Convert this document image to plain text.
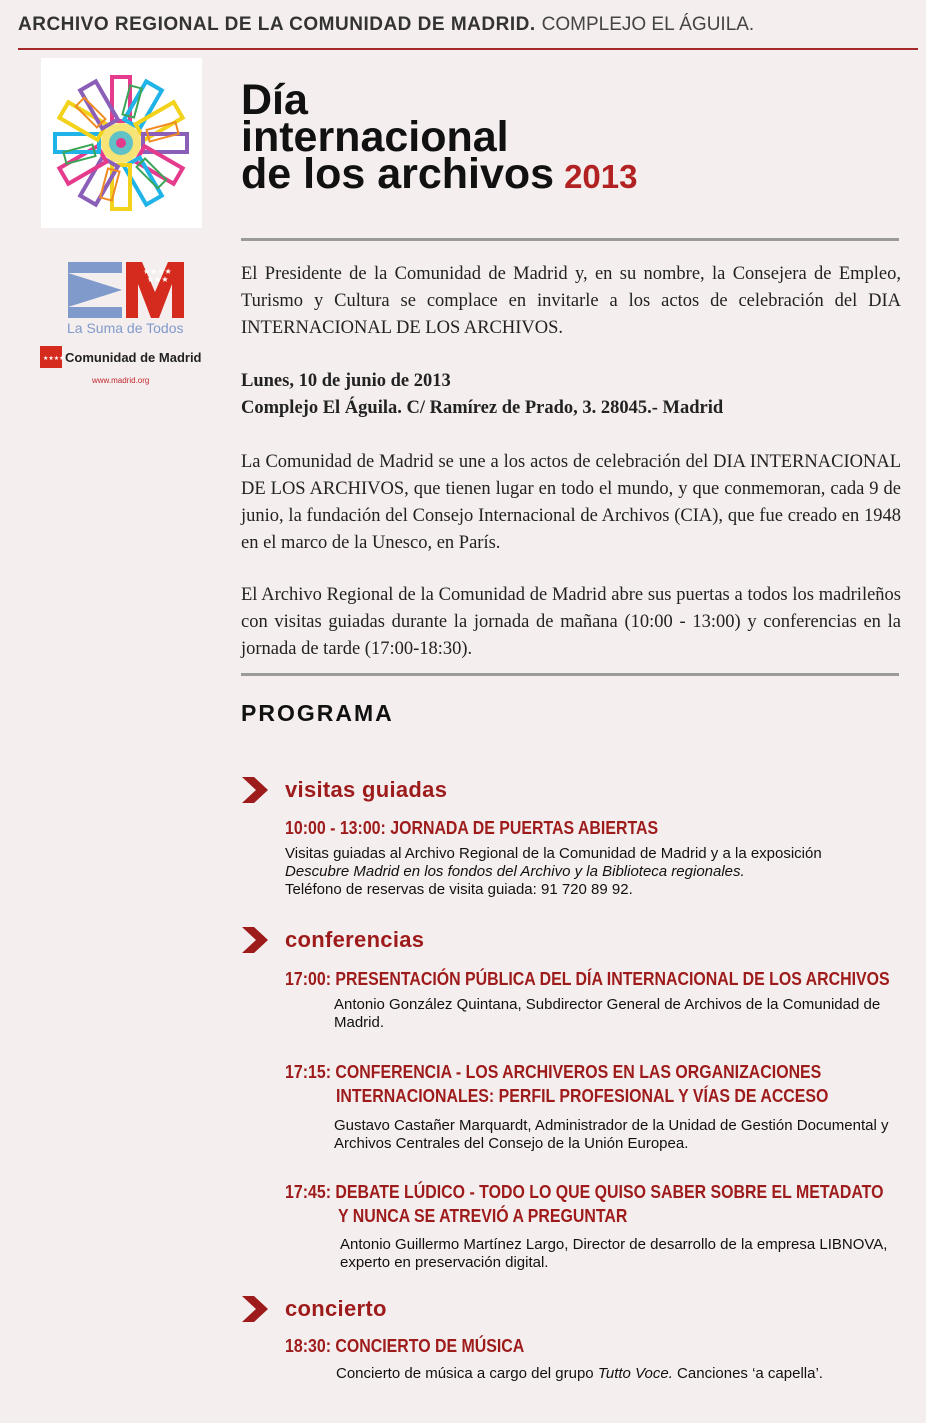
ARCHIVO REGIONAL DE LA COMUNIDAD DE MADRID. COMPLEJO EL ÁGUILA.
★★★★
★★★
La Suma de Todos
★★★★ Comunidad de Madrid
www.madrid.org
Día
internacional
de los archivos 2013
El Presidente de la Comunidad de Madrid y, en su nombre, la Consejera de Empleo, Turismo y Cultura se complace en invitarle a los actos de celebración del DIA INTERNACIONAL DE LOS ARCHIVOS.
Lunes, 10 de junio de 2013
Complejo El Águila. C/ Ramírez de Prado, 3. 28045.- Madrid
La Comunidad de Madrid se une a los actos de celebración del DIA INTERNACIONAL DE LOS ARCHIVOS, que tienen lugar en todo el mundo, y que conmemoran, cada 9 de junio, la fundación del Consejo Internacional de Archivos (CIA), que fue creado en 1948 en el marco de la Unesco, en París.
El Archivo Regional de la Comunidad de Madrid abre sus puertas a todos los madrileños con visitas guiadas durante la jornada de mañana (10:00 - 13:00) y conferencias en la jornada de tarde (17:00-18:30).
PROGRAMA
visitas guiadas
10:00 - 13:00: JORNADA DE PUERTAS ABIERTAS
Visitas guiadas al Archivo Regional de la Comunidad de Madrid y a la exposición
Descubre Madrid en los fondos del Archivo y la Biblioteca regionales.
Teléfono de reservas de visita guiada: 91 720 89 92.
conferencias
17:00: PRESENTACIÓN PÚBLICA DEL DÍA INTERNACIONAL DE LOS ARCHIVOS
Antonio González Quintana, Subdirector General de Archivos de la Comunidad de Madrid.
17:15: CONFERENCIA - LOS ARCHIVEROS EN LAS ORGANIZACIONES
INTERNACIONALES: PERFIL PROFESIONAL Y VÍAS DE ACCESO
Gustavo Castañer Marquardt, Administrador de la Unidad de Gestión Documental y Archivos Centrales del Consejo de la Unión Europea.
17:45: DEBATE LÚDICO - TODO LO QUE QUISO SABER SOBRE EL METADATO
Y NUNCA SE ATREVIÓ A PREGUNTAR
Antonio Guillermo Martínez Largo, Director de desarrollo de la empresa LIBNOVA, experto en preservación digital.
concierto
18:30: CONCIERTO DE MÚSICA
Concierto de música a cargo del grupo Tutto Voce. Canciones ‘a capella’.
